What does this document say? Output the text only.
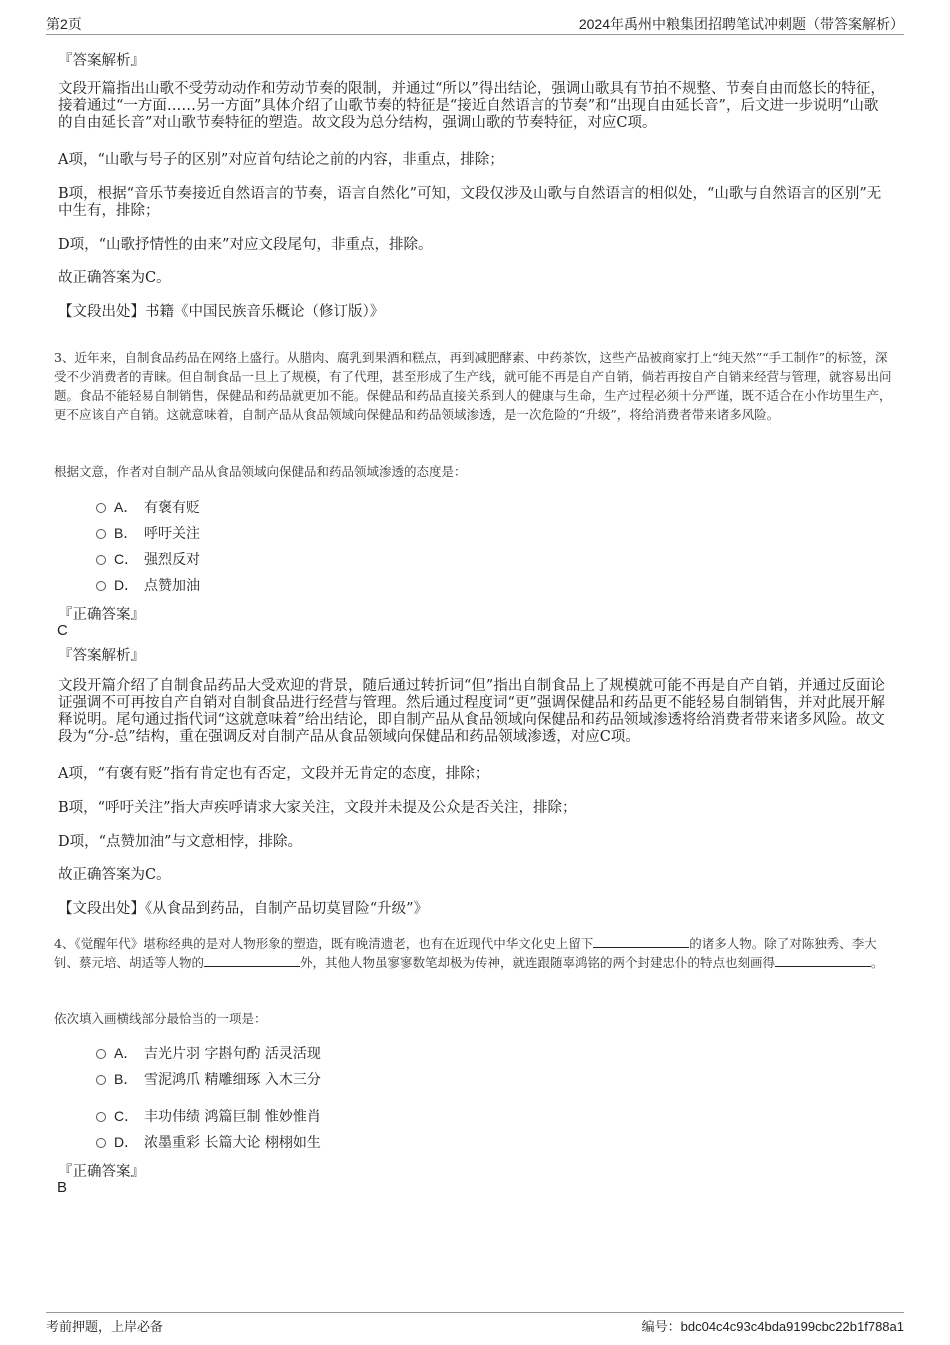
第2页	2024年禹州中粮集团招聘笔试冲刺题（带答案解析）
『答案解析』

文段开篇指出山歌不受劳动动作和劳动节奏的限制，并通过“所以”得出结论，强调山歌具有节拍不规整、节奏自由而悠长的特征，接着通过“一方面……另一方面”具体介绍了山歌节奏的特征是“接近自然语言的节奏”和“出现自由延长音”，后文进一步说明“山歌的自由延长音”对山歌节奏特征的塑造。故文段为总分结构，强调山歌的节奏特征，对应C项。

A项，“山歌与号子的区别”对应首句结论之前的内容，非重点，排除；

B项，根据“音乐节奏接近自然语言的节奏，语言自然化”可知，文段仅涉及山歌与自然语言的相似处，“山歌与自然语言的区别”无中生有，排除；

D项，“山歌抒情性的由来”对应文段尾句，非重点，排除。

故正确答案为C。

【文段出处】书籍《中国民族音乐概论（修订版）》

3、近年来，自制食品药品在网络上盛行。从腊肉、腐乳到果酒和糕点，再到减肥酵素、中药茶饮，这些产品被商家打上“纯天然”“手工制作”的标签，深受不少消费者的青睐。但自制食品一旦上了规模，有了代理，甚至形成了生产线，就可能不再是自产自销，倘若再按自产自销来经营与管理，就容易出问题。食品不能轻易自制销售，保健品和药品就更加不能。保健品和药品直接关系到人的健康与生命，生产过程必须十分严谨，既不适合在小作坊里生产，更不应该自产自销。这就意味着，自制产品从食品领域向保健品和药品领域渗透，是一次危险的“升级”，将给消费者带来诸多风险。

根据文意，作者对自制产品从食品领域向保健品和药品领域渗透的态度是：

A． 有褒有贬
B． 呼吁关注
C． 强烈反对
D． 点赞加油
『正确答案』
C
『答案解析』

文段开篇介绍了自制食品药品大受欢迎的背景，随后通过转折词“但”指出自制食品上了规模就可能不再是自产自销，并通过反面论证强调不可再按自产自销对自制食品进行经营与管理。然后通过程度词“更”强调保健品和药品更不能轻易自制销售，并对此展开解释说明。尾句通过指代词“这就意味着”给出结论，即自制产品从食品领域向保健品和药品领域渗透将给消费者带来诸多风险。故文段为“分-总”结构，重在强调反对自制产品从食品领域向保健品和药品领域渗透，对应C项。

A项，“有褒有贬”指有肯定也有否定，文段并无肯定的态度，排除；

B项，“呼吁关注”指大声疾呼请求大家关注，文段并未提及公众是否关注，排除；

D项，“点赞加油”与文意相悖，排除。

故正确答案为C。

【文段出处】《从食品到药品，自制产品切莫冒险“升级”》

4、《觉醒年代》堪称经典的是对人物形象的塑造，既有晚清遗老，也有在近现代中华文化史上留下	的诸多人物。除了对陈独秀、李大钊、蔡元培、胡适等人物的	外，其他人物虽寥寥数笔却极为传神，就连跟随辜鸿铭的两个封建忠仆的特点也刻画得	。

依次填入画横线部分最恰当的一项是：

A． 吉光片羽 字斟句酌 活灵活现
B． 雪泥鸿爪 精雕细琢 入木三分
C． 丰功伟绩 鸿篇巨制 惟妙惟肖
D． 浓墨重彩 长篇大论 栩栩如生
『正确答案』
B
考前押题，上岸必备	编号：bdc04c4c93c4bda9199cbc22b1f788a1
